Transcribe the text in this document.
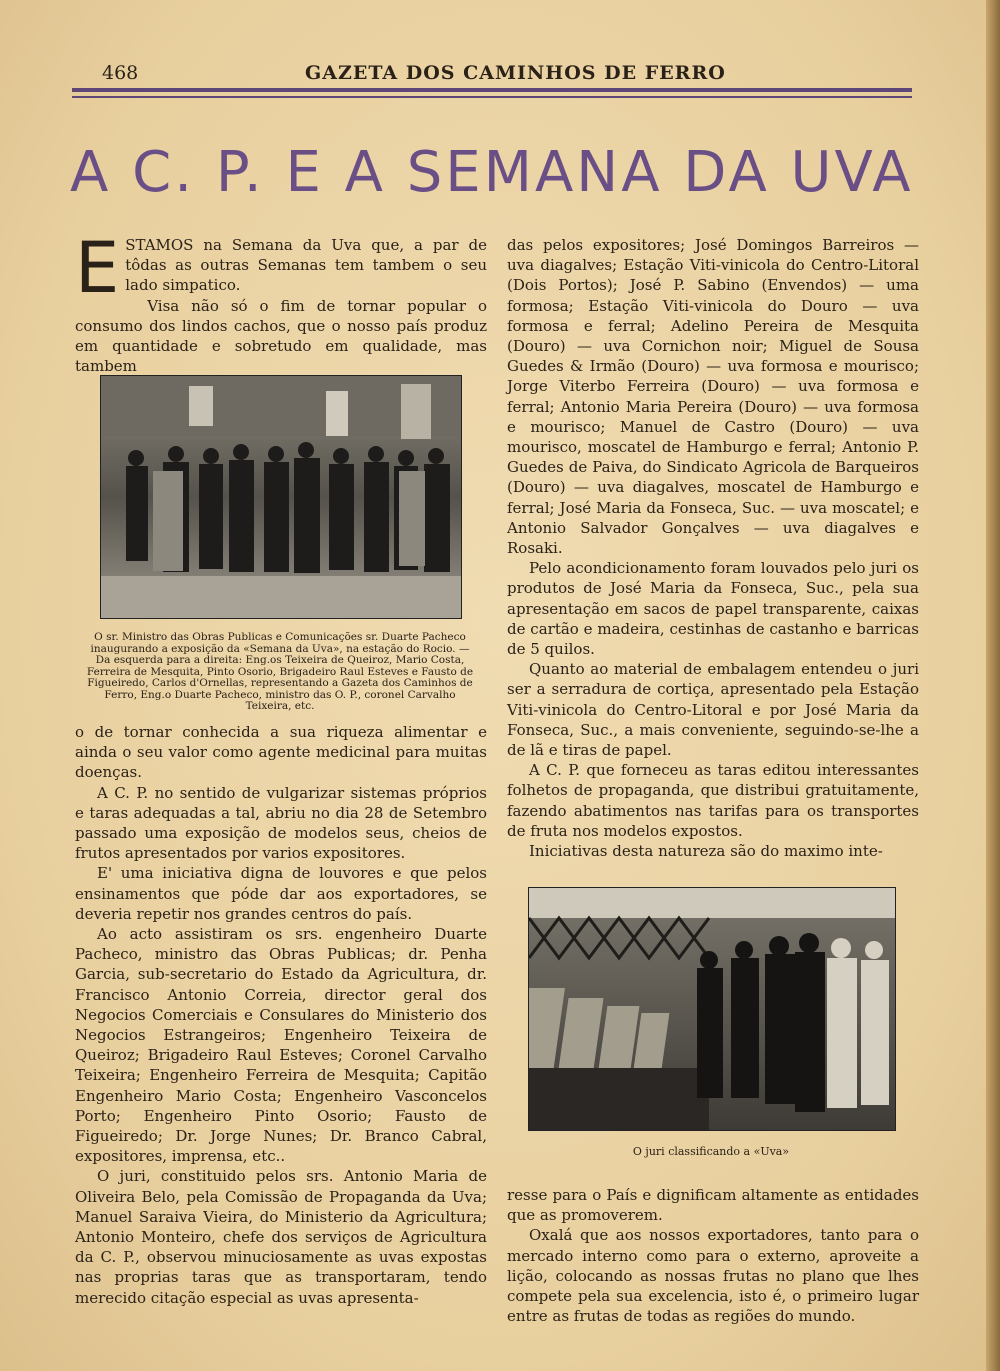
468	GAZETA DOS CAMINHOS DE FERRO
A C. P. E A SEMANA DA UVA

ESTAMOS na Semana da Uva que, a par de tôdas as outras Semanas tem tambem o seu lado simpatico.

Visa não só o fim de tornar popular o consumo dos lindos cachos, que o nosso país produz em quantidade e sobretudo em qualidade, mas tambem

O sr. Ministro das Obras Publicas e Comunicações sr. Duarte Pacheco inaugurando a exposição da «Semana da Uva», na estação do Rocio. — Da esquerda para a direita: Eng.os Teixeira de Queiroz, Mario Costa, Ferreira de Mesquita, Pinto Osorio, Brigadeiro Raul Esteves e Fausto de Figueiredo, Carlos d'Ornellas, representando a Gazeta dos Caminhos de Ferro, Eng.o Duarte Pacheco, ministro das O. P., coronel Carvalho Teixeira, etc.

o de tornar conhecida a sua riqueza alimentar e ainda o seu valor como agente medicinal para muitas doenças.

A C. P. no sentido de vulgarizar sistemas próprios e taras adequadas a tal, abriu no dia 28 de Setembro passado uma exposição de modelos seus, cheios de frutos apresentados por varios expositores.

E' uma iniciativa digna de louvores e que pelos ensinamentos que póde dar aos exportadores, se deveria repetir nos grandes centros do país.

Ao acto assistiram os srs. engenheiro Duarte Pacheco, ministro das Obras Publicas; dr. Penha Garcia, sub-secretario do Estado da Agricultura, dr. Francisco Antonio Correia, director geral dos Negocios Comerciais e Consulares do Ministerio dos Negocios Estrangeiros; Engenheiro Teixeira de Queiroz; Brigadeiro Raul Esteves; Coronel Carvalho Teixeira; Engenheiro Ferreira de Mesquita; Capitão Engenheiro Mario Costa; Engenheiro Vasconcelos Porto; Engenheiro Pinto Osorio; Fausto de Figueiredo; Dr. Jorge Nunes; Dr. Branco Cabral, expositores, imprensa, etc..

O juri, constituido pelos srs. Antonio Maria de Oliveira Belo, pela Comissão de Propaganda da Uva; Manuel Saraiva Vieira, do Ministerio da Agricultura; Antonio Monteiro, chefe dos serviços de Agricultura da C. P., observou minuciosamente as uvas expostas nas proprias taras que as transportaram, tendo merecido citação especial as uvas apresenta-

das pelos expositores; José Domingos Barreiros — uva diagalves; Estação Viti-vinicola do Centro-Litoral (Dois Portos); José P. Sabino (Envendos) — uma formosa; Estação Viti-vinicola do Douro — uva formosa e ferral; Adelino Pereira de Mesquita (Douro) — uva Cornichon noir; Miguel de Sousa Guedes & Irmão (Douro) — uva formosa e mourisco; Jorge Viterbo Ferreira (Douro) — uva formosa e ferral; Antonio Maria Pereira (Douro) — uva formosa e mourisco; Manuel de Castro (Douro) — uva mourisco, moscatel de Hamburgo e ferral; Antonio P. Guedes de Paiva, do Sindicato Agricola de Barqueiros (Douro) — uva diagalves, moscatel de Hamburgo e ferral; José Maria da Fonseca, Suc. — uva moscatel; e Antonio Salvador Gonçalves — uva diagalves e Rosaki.

Pelo acondicionamento foram louvados pelo juri os produtos de José Maria da Fonseca, Suc., pela sua apresentação em sacos de papel transparente, caixas de cartão e madeira, cestinhas de castanho e barricas de 5 quilos.

Quanto ao material de embalagem entendeu o juri ser a serradura de cortiça, apresentado pela Estação Viti-vinicola do Centro-Litoral e por José Maria da Fonseca, Suc., a mais conveniente, seguindo-se-lhe a de lã e tiras de papel.

A C. P. que forneceu as taras editou interessantes folhetos de propaganda, que distribui gratuitamente, fazendo abatimentos nas tarifas para os transportes de fruta nos modelos expostos.

Iniciativas desta natureza são do maximo inte-

O juri classificando a «Uva»

resse para o País e dignificam altamente as entidades que as promoverem.

Oxalá que aos nossos exportadores, tanto para o mercado interno como para o externo, aproveite a lição, colocando as nossas frutas no plano que lhes compete pela sua excelencia, isto é, o primeiro lugar entre as frutas de todas as regiões do mundo.
